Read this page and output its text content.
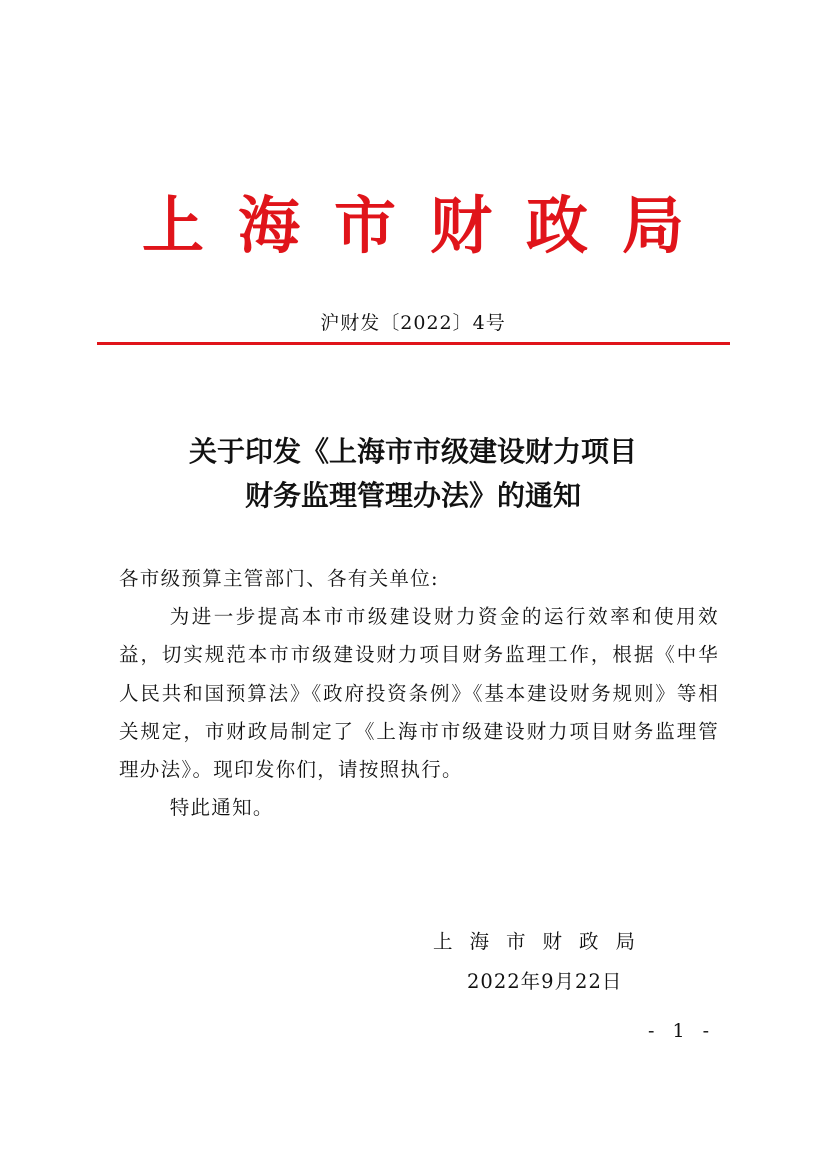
上海市财政局
沪财发〔2022〕4号
关于印发《上海市市级建设财力项目
财务监理管理办法》的通知

各市级预算主管部门、各有关单位:

为进一步提高本市市级建设财力资金的运行效率和使用效益，切实规范本市市级建设财力项目财务监理工作，根据《中华人民共和国预算法》《政府投资条例》《基本建设财务规则》等相关规定，市财政局制定了《上海市市级建设财力项目财务监理管理办法》。现印发你们，请按照执行。

特此通知。

上海市财政局
2022年9月22日
- 1 -
